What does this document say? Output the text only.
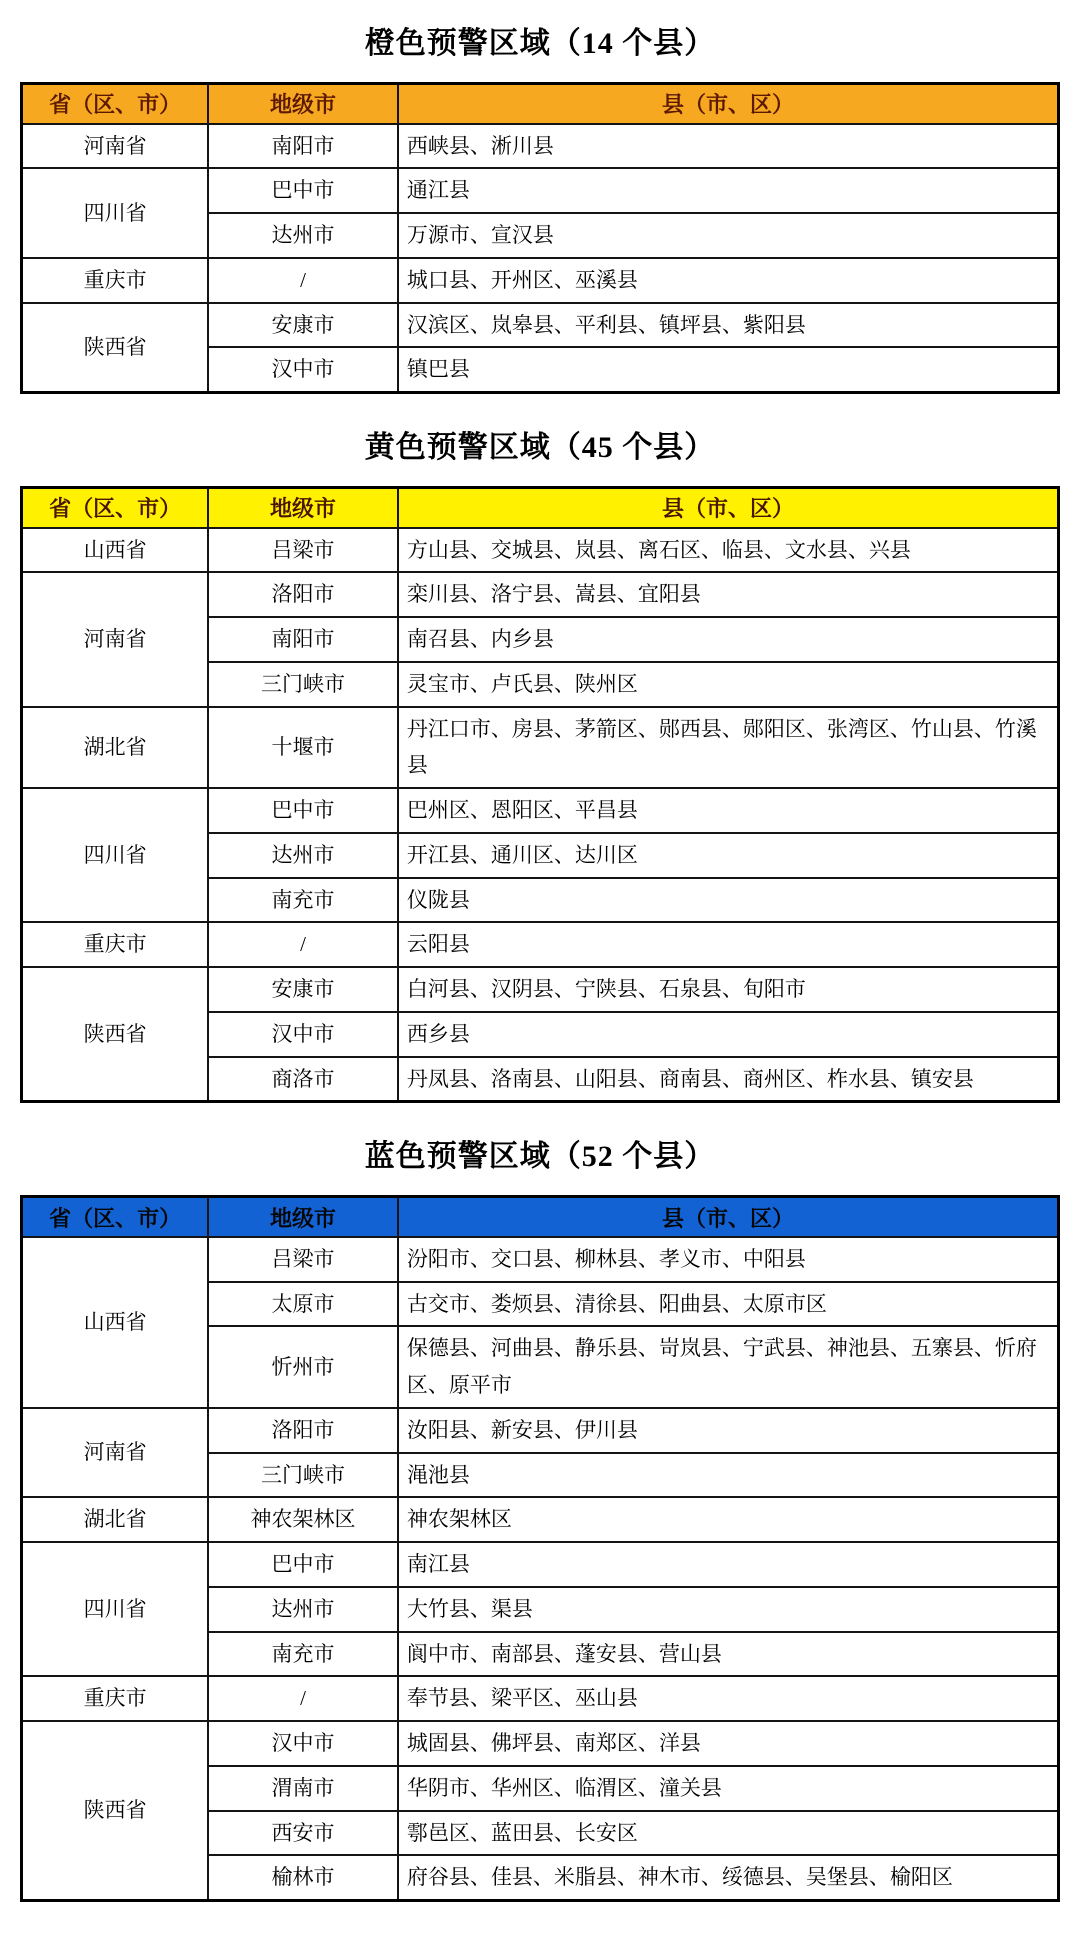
橙色预警区域（14 个县）
省（区、市）	地级市	县（市、区）
河南省	南阳市	西峡县、淅川县
四川省	巴中市	通江县
	达州市	万源市、宣汉县
重庆市	/	城口县、开州区、巫溪县
陕西省	安康市	汉滨区、岚皋县、平利县、镇坪县、紫阳县
	汉中市	镇巴县
黄色预警区域（45 个县）
省（区、市）	地级市	县（市、区）
山西省	吕梁市	方山县、交城县、岚县、离石区、临县、文水县、兴县
河南省	洛阳市	栾川县、洛宁县、嵩县、宜阳县
	南阳市	南召县、内乡县
	三门峡市	灵宝市、卢氏县、陕州区
湖北省	十堰市	丹江口市、房县、茅箭区、郧西县、郧阳区、张湾区、竹山县、竹溪县
四川省	巴中市	巴州区、恩阳区、平昌县
	达州市	开江县、通川区、达川区
	南充市	仪陇县
重庆市	/	云阳县
陕西省	安康市	白河县、汉阴县、宁陕县、石泉县、旬阳市
	汉中市	西乡县
	商洛市	丹凤县、洛南县、山阳县、商南县、商州区、柞水县、镇安县
蓝色预警区域（52 个县）
省（区、市）	地级市	县（市、区）
山西省	吕梁市	汾阳市、交口县、柳林县、孝义市、中阳县
	太原市	古交市、娄烦县、清徐县、阳曲县、太原市区
	忻州市	保德县、河曲县、静乐县、岢岚县、宁武县、神池县、五寨县、忻府区、原平市
河南省	洛阳市	汝阳县、新安县、伊川县
	三门峡市	渑池县
湖北省	神农架林区	神农架林区
四川省	巴中市	南江县
	达州市	大竹县、渠县
	南充市	阆中市、南部县、蓬安县、营山县
重庆市	/	奉节县、梁平区、巫山县
陕西省	汉中市	城固县、佛坪县、南郑区、洋县
	渭南市	华阴市、华州区、临渭区、潼关县
	西安市	鄠邑区、蓝田县、长安区
	榆林市	府谷县、佳县、米脂县、神木市、绥德县、吴堡县、榆阳区
